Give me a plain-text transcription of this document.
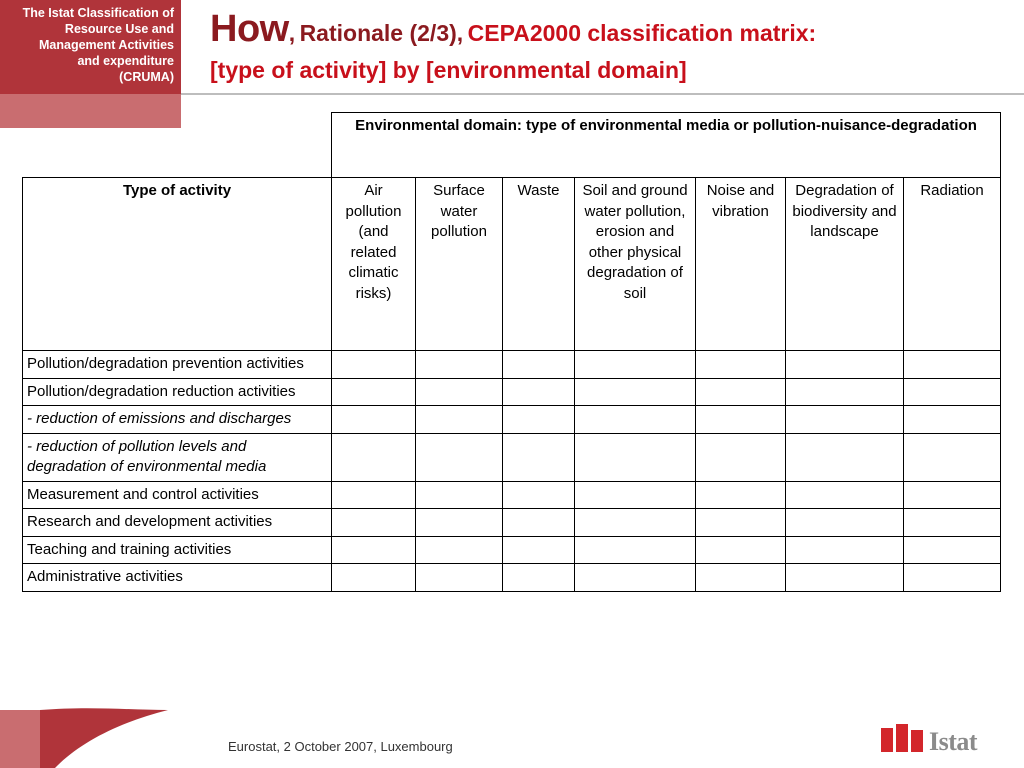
The Istat Classification of
Resource Use and
Management Activities
and expenditure
(CRUMA)
How, Rationale (2/3), CEPA2000 classification matrix:
[type of activity] by [environmental domain]
	Environmental domain: type of environmental media or pollution-nuisance-degradation						
Type of activity	Air pollution (and related climatic risks)	Surface water pollution	Waste	Soil and ground water pollution, erosion and other physical degradation of soil	Noise and vibration	Degradation of biodiversity and landscape	Radiation
Pollution/degradation prevention activities							
Pollution/degradation reduction activities							
- reduction of emissions and discharges							
- reduction of pollution levels and degradation of environmental media							
Measurement and control activities							
Research and development activities							
Teaching and training activities							
Administrative activities							
Eurostat, 2 October 2007, Luxembourg	Istat
